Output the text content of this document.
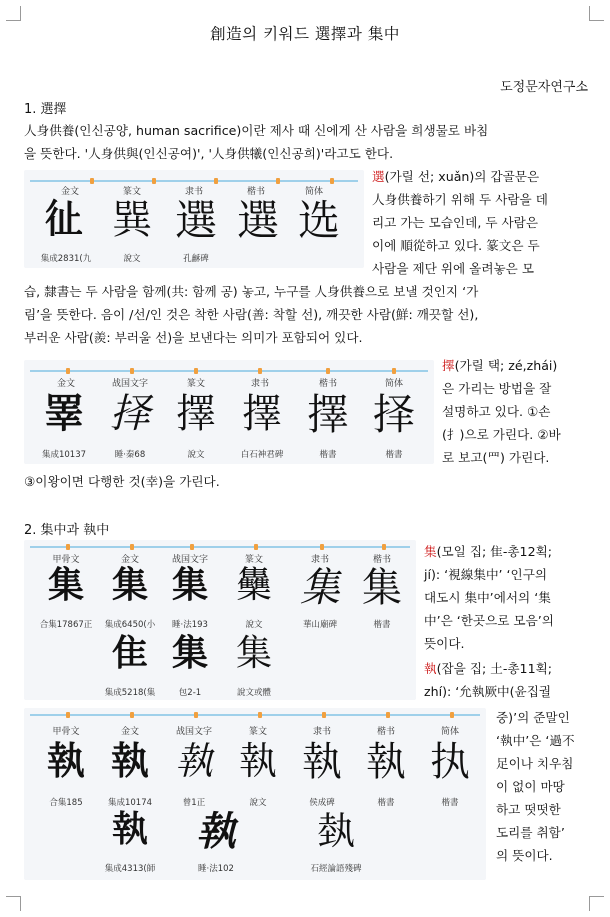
創造의 키워드 選擇과 集中
도정문자연구소
1. 選擇
人身供養(인신공양, human sacrifice)이란 제사 때 신에게 산 사람을 희생물로 바침
을 뜻한다. '人身供與(인신공여)', '人身供犧(인신공희)'라고도 한다.
金文	篆文	隶书	楷书	简体
𢓊 巽 選 選 选
集成2831(九	說文	孔龢碑
選(가릴 선; xuǎn)의 갑골문은
人身供養하기 위해 두 사람을 데
리고 가는 모습인데, 두 사람은
이에 順從하고 있다. 篆文은 두
사람을 제단 위에 올려놓은 모
습, 隸書는 두 사람을 함께(共: 함께 공) 놓고, 누구를 人身供養으로 보낼 것인지 ‘가
림’을 뜻한다. 음이 /선/인 것은 착한 사람(善: 착할 선), 깨끗한 사람(鮮: 깨끗할 선),
부러운 사람(羨: 부러울 선)을 보낸다는 의미가 포함되어 있다.
金文	战国文字	篆文	隶书	楷书	简体
睪 择 擇 擇 擇 择
集成10137	睡·秦68	說文	白石神君碑	楷書	楷書
擇(가릴 택; zé,zhái)
은 가리는 방법을 잘
설명하고 있다. ①손
(扌)으로 가린다. ②바
로 보고(罒) 가린다.
③이왕이면 다행한 것(幸)을 가린다.
2. 集中과 執中
甲骨文	金文	战国文字	篆文	隶书	楷书
集 集 集 雧 集 集
合集17867正 集成6450(小 睡·法193	說文	華山廟碑	楷書
隹 集 集
集成5218(集	包2-1	說文或體
集(모일 집; 隹-총12획;
jí): ‘視線集中’ ‘인구의
대도시 集中’에서의 ‘集
中’은 ‘한곳으로 모음’의
뜻이다.
執(잡을 집; 土-총11획;
zhí): ‘允執厥中(윤집궐
중)’의 준말인
‘執中’은 ‘過不
足이나 치우침
이 없이 마땅
하고 떳떳한
도리를 취함’
의 뜻이다.
甲骨文	金文	战国文字	篆文	隶书	楷书	简体
執 執 執 執 執 執 执
合集185	集成10174	曾1正	說文	侯成碑	楷書	楷書
執 執 埶
集成4313(師	睡·法102	石經論語殘碑
